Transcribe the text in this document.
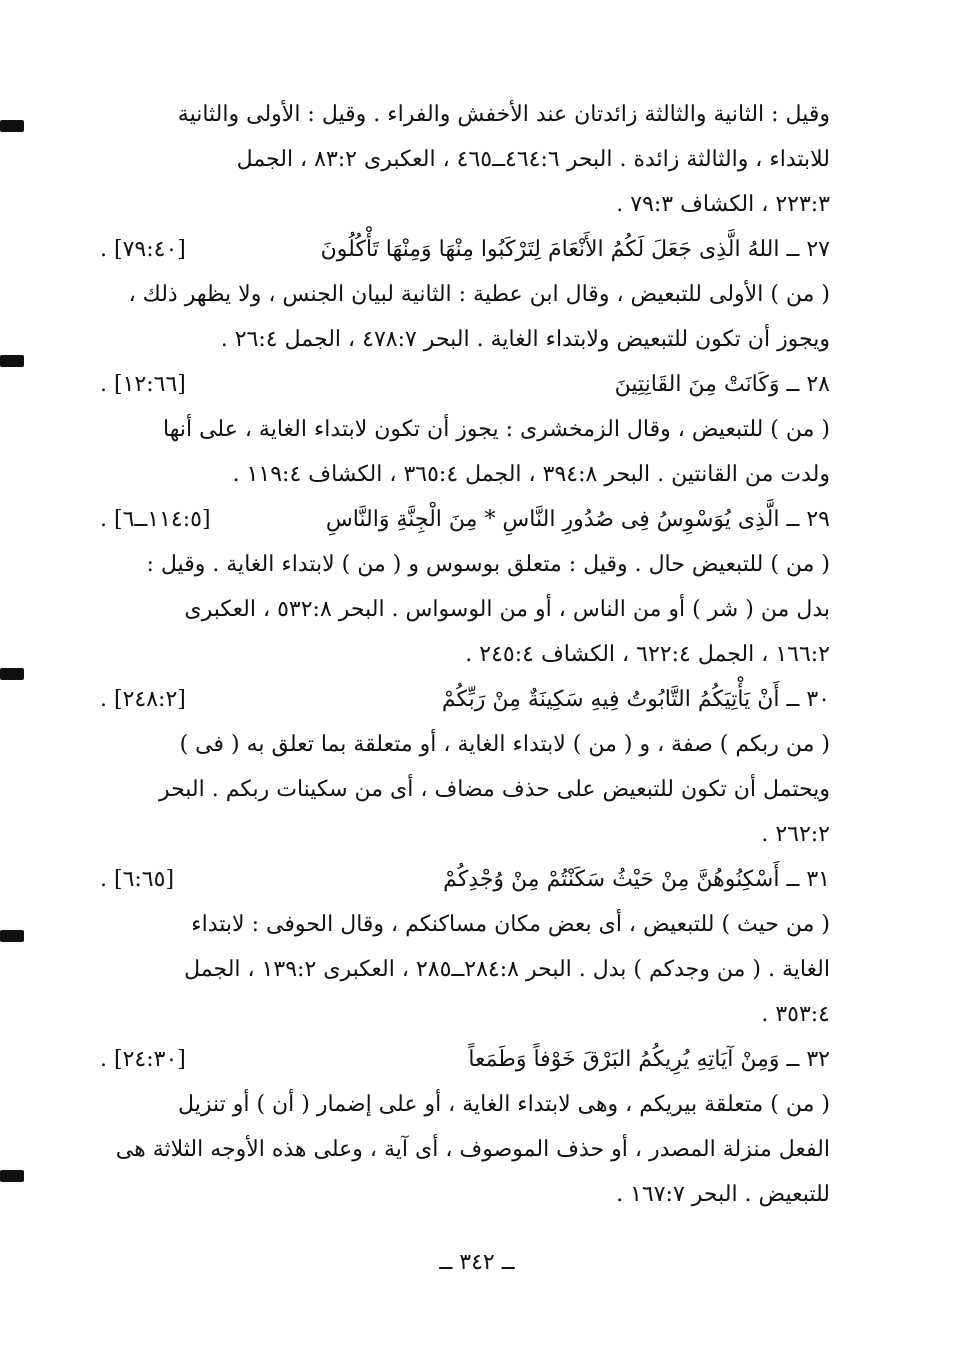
وقيل : الثانية والثالثة زائدتان عند الأخفش والفراء . وقيل : الأولى والثانية
للابتداء ، والثالثة زائدة . البحر ٤٦٤:٦ــ٤٦٥ ، العكبرى ٨٣:٢ ، الجمل
٢٢٣:٣ ، الكشاف ٧٩:٣ .
٢٧ ــ اللهُ الَّذِى جَعَلَ لَكُمُ الأَنْعَامَ لِتَرْكَبُوا مِنْهَا وَمِنْهَا تَأْكُلُونَ
[٧٩:٤٠] .
( من ) الأولى للتبعيض ، وقال ابن عطية : الثانية لبيان الجنس ، ولا يظهر ذلك ،
ويجوز أن تكون للتبعيض ولابتداء الغاية . البحر ٤٧٨:٧ ، الجمل ٢٦:٤ .
٢٨ ــ وَكَانَتْ مِنَ القَانِتِينَ
[١٢:٦٦] .
( من ) للتبعيض ، وقال الزمخشرى : يجوز أن تكون لابتداء الغاية ، على أنها
ولدت من القانتين . البحر ٣٩٤:٨ ، الجمل ٣٦٥:٤ ، الكشاف ١١٩:٤ .
٢٩ ــ الَّذِى يُوَسْوِسُ فِى صُدُورِ النَّاسِ * مِنَ الْجِنَّةِ وَالنَّاسِ
[١١٤:٥ــ٦] .
( من ) للتبعيض حال . وقيل : متعلق بوسوس و ( من ) لابتداء الغاية . وقيل :
بدل من ( شر ) أو من الناس ، أو من الوسواس . البحر ٥٣٢:٨ ، العكبرى
١٦٦:٢ ، الجمل ٦٢٢:٤ ، الكشاف ٢٤٥:٤ .
٣٠ ــ أَنْ يَأْتِيَكُمُ التَّابُوتُ فِيهِ سَكِينَةٌ مِنْ رَبِّكُمْ
[٢٤٨:٢] .
( من ربكم ) صفة ، و ( من ) لابتداء الغاية ، أو متعلقة بما تعلق به ( فى )
ويحتمل أن تكون للتبعيض على حذف مضاف ، أى من سكينات ربكم . البحر
٢٦٢:٢ .
٣١ ــ أَسْكِنُوهُنَّ مِنْ حَيْثُ سَكَنْتُمْ مِنْ وُجْدِكُمْ
[٦:٦٥] .
( من حيث ) للتبعيض ، أى بعض مكان مساكنكم ، وقال الحوفى : لابتداء
الغاية . ( من وجدكم ) بدل . البحر ٢٨٤:٨ــ٢٨٥ ، العكبرى ١٣٩:٢ ، الجمل
٣٥٣:٤ .
٣٢ ــ وَمِنْ آيَاتِهِ يُرِيكُمُ البَرْقَ خَوْفاً وَطَمَعاً
[٢٤:٣٠] .
( من ) متعلقة بيريكم ، وهى لابتداء الغاية ، أو على إضمار ( أن ) أو تنزيل
الفعل منزلة المصدر ، أو حذف الموصوف ، أى آية ، وعلى هذه الأوجه الثلاثة هى
للتبعيض . البحر ١٦٧:٧ .
ــ ٣٤٢ ــ
